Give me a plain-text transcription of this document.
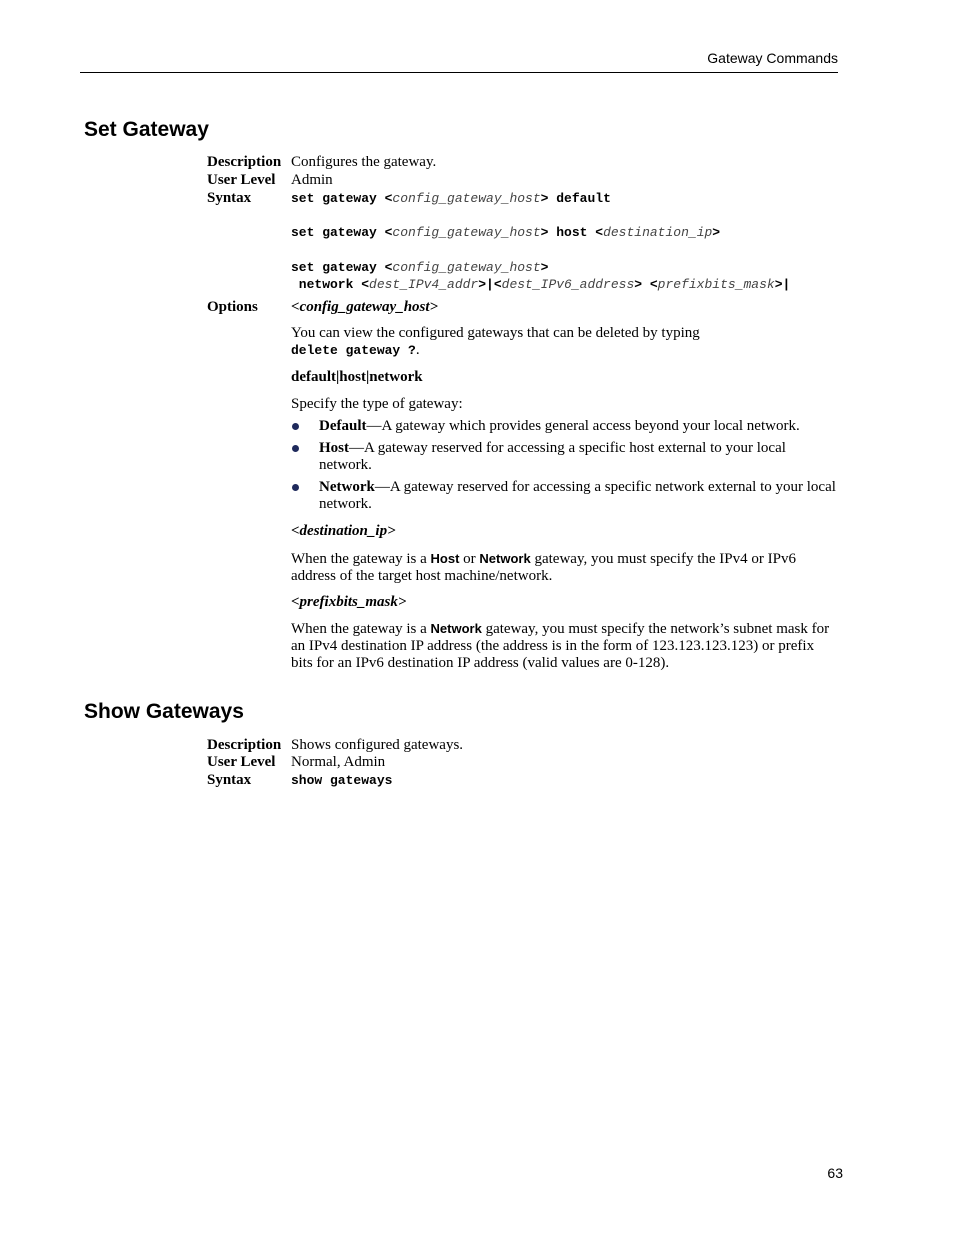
Gateway Commands
Set Gateway
Description Configures the gateway.
User Level Admin
Syntax	set gateway <config_gateway_host> default
set gateway <config_gateway_host> host <destination_ip>
set gateway <config_gateway_host>
network <dest_IPv4_addr>|<dest_IPv6_address> <prefixbits_mask>|
Options <config_gateway_host>
You can view the configured gateways that can be deleted by typing
delete gateway ?.
default|host|network
Specify the type of gateway:
Default—A gateway which provides general access beyond your local network.
Host—A gateway reserved for accessing a specific host external to your local network.
Network—A gateway reserved for accessing a specific network external to your local network.
<destination_ip>
When the gateway is a Host or Network gateway, you must specify the IPv4 or IPv6 address of the target host machine/network.
<prefixbits_mask>
When the gateway is a Network gateway, you must specify the network’s subnet mask for an IPv4 destination IP address (the address is in the form of 123.123.123.123) or prefix bits for an IPv6 destination IP address (valid values are 0-128).
Show Gateways
Description Shows configured gateways.
User Level Normal, Admin
Syntax	show gateways
63
